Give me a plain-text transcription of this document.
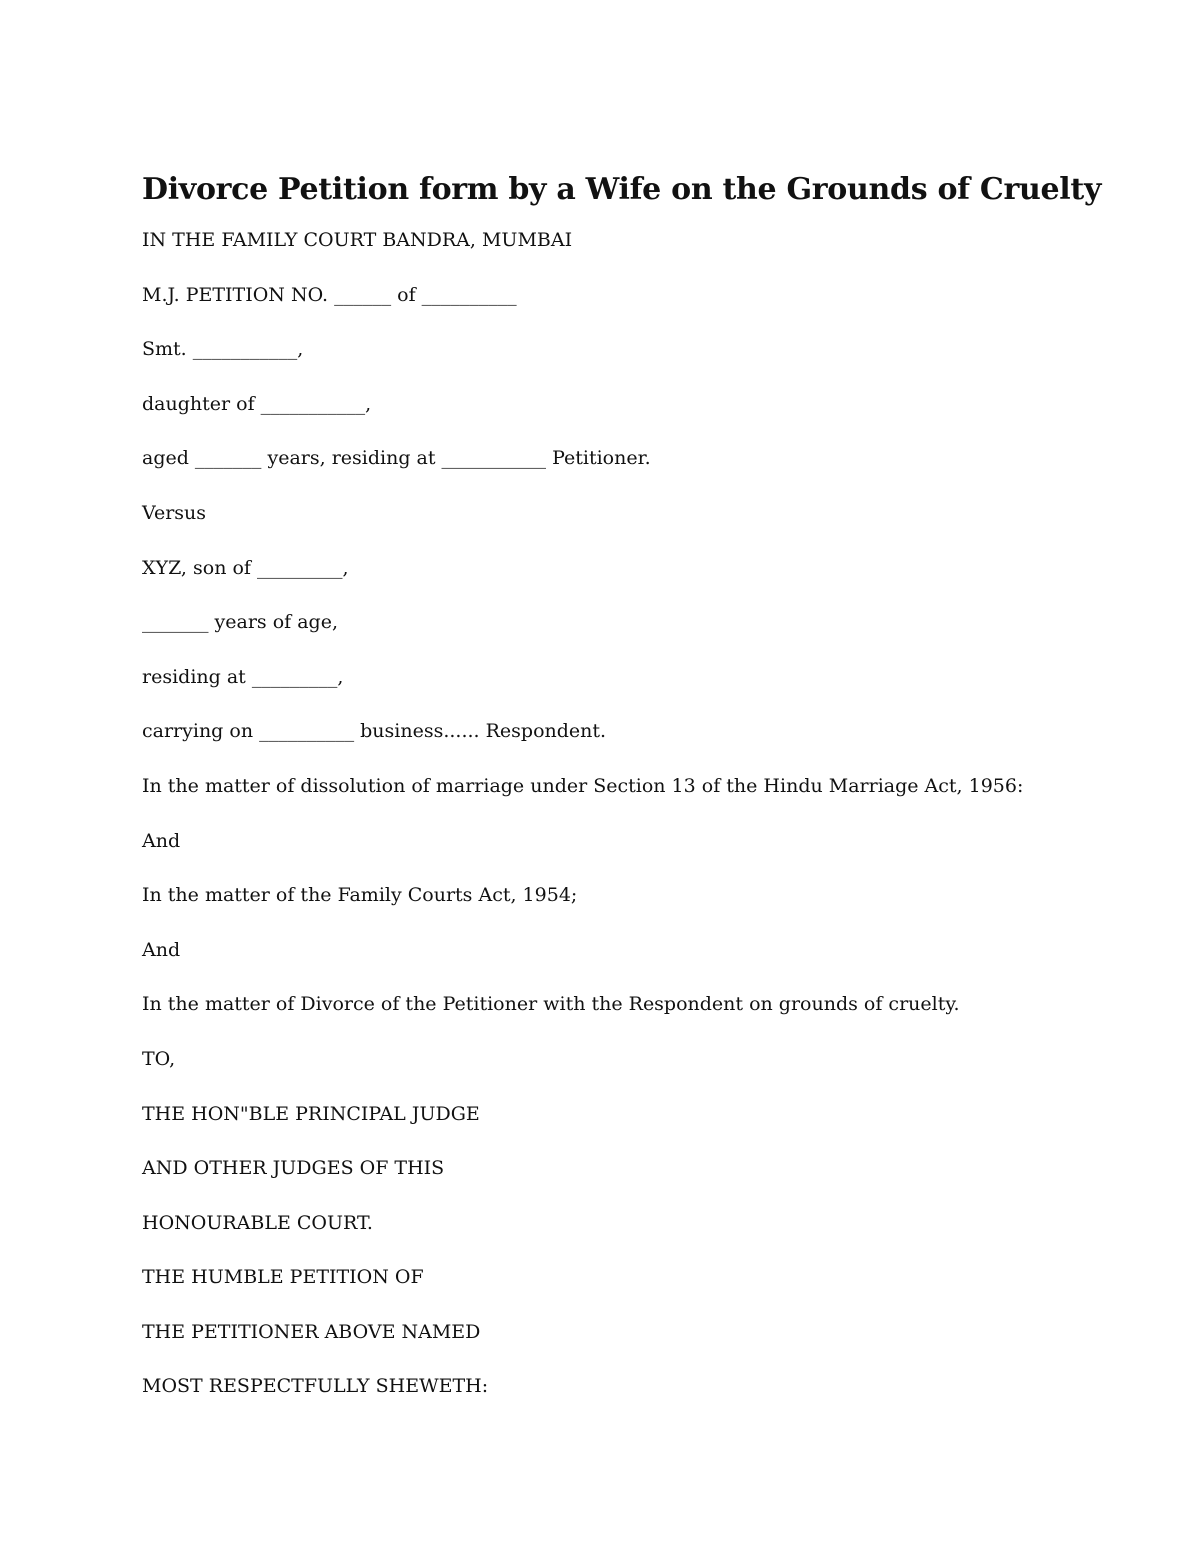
Divorce Petition form by a Wife on the Grounds of Cruelty
IN THE FAMILY COURT BANDRA, MUMBAI
M.J. PETITION NO. ______ of __________
Smt. ___________,
daughter of ___________,
aged _______ years, residing at ___________ Petitioner.
Versus
XYZ, son of _________,
_______ years of age,
residing at _________,
carrying on __________ business...... Respondent.
In the matter of dissolution of marriage under Section 13 of the Hindu Marriage Act, 1956:
And
In the matter of the Family Courts Act, 1954;
And
In the matter of Divorce of the Petitioner with the Respondent on grounds of cruelty.
TO,
THE HON"BLE PRINCIPAL JUDGE
AND OTHER JUDGES OF THIS
HONOURABLE COURT.
THE HUMBLE PETITION OF
THE PETITIONER ABOVE NAMED
MOST RESPECTFULLY SHEWETH:
